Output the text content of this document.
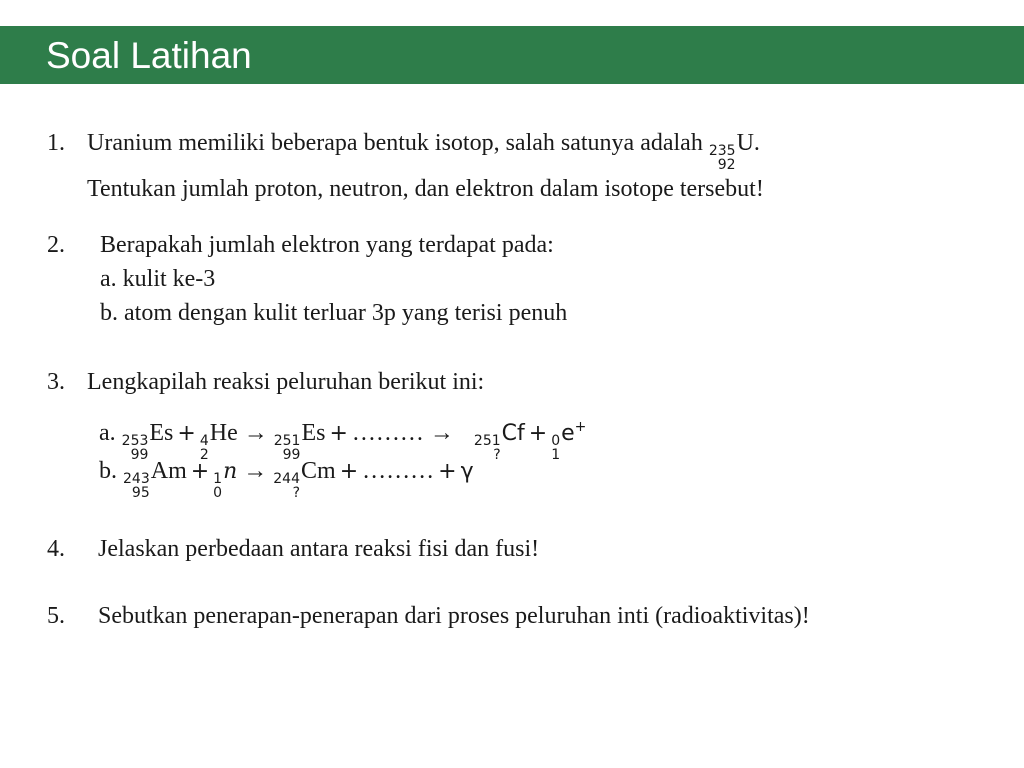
Soal Latihan
1. Uranium memiliki beberapa bentuk isotop, salah satunya adalah 235
92
U.
Tentukan jumlah proton, neutron, dan elektron dalam isotope tersebut!
2. Berapakah jumlah elektron yang terdapat pada:
a. kulit ke-3
b. atom dengan kulit terluar 3p yang terisi penuh
3. Lengkapilah reaksi peluruhan berikut ini:
a. 253
99
Es + 4
2
He → 251
99
Es + ……… → 251
?
Cf + 0
1
e+
b. 243
95
Am + 1
0
n → 244
?
Cm + ……… + γ
4. Jelaskan perbedaan antara reaksi fisi dan fusi!
5. Sebutkan penerapan-penerapan dari proses peluruhan inti (radioaktivitas)!
